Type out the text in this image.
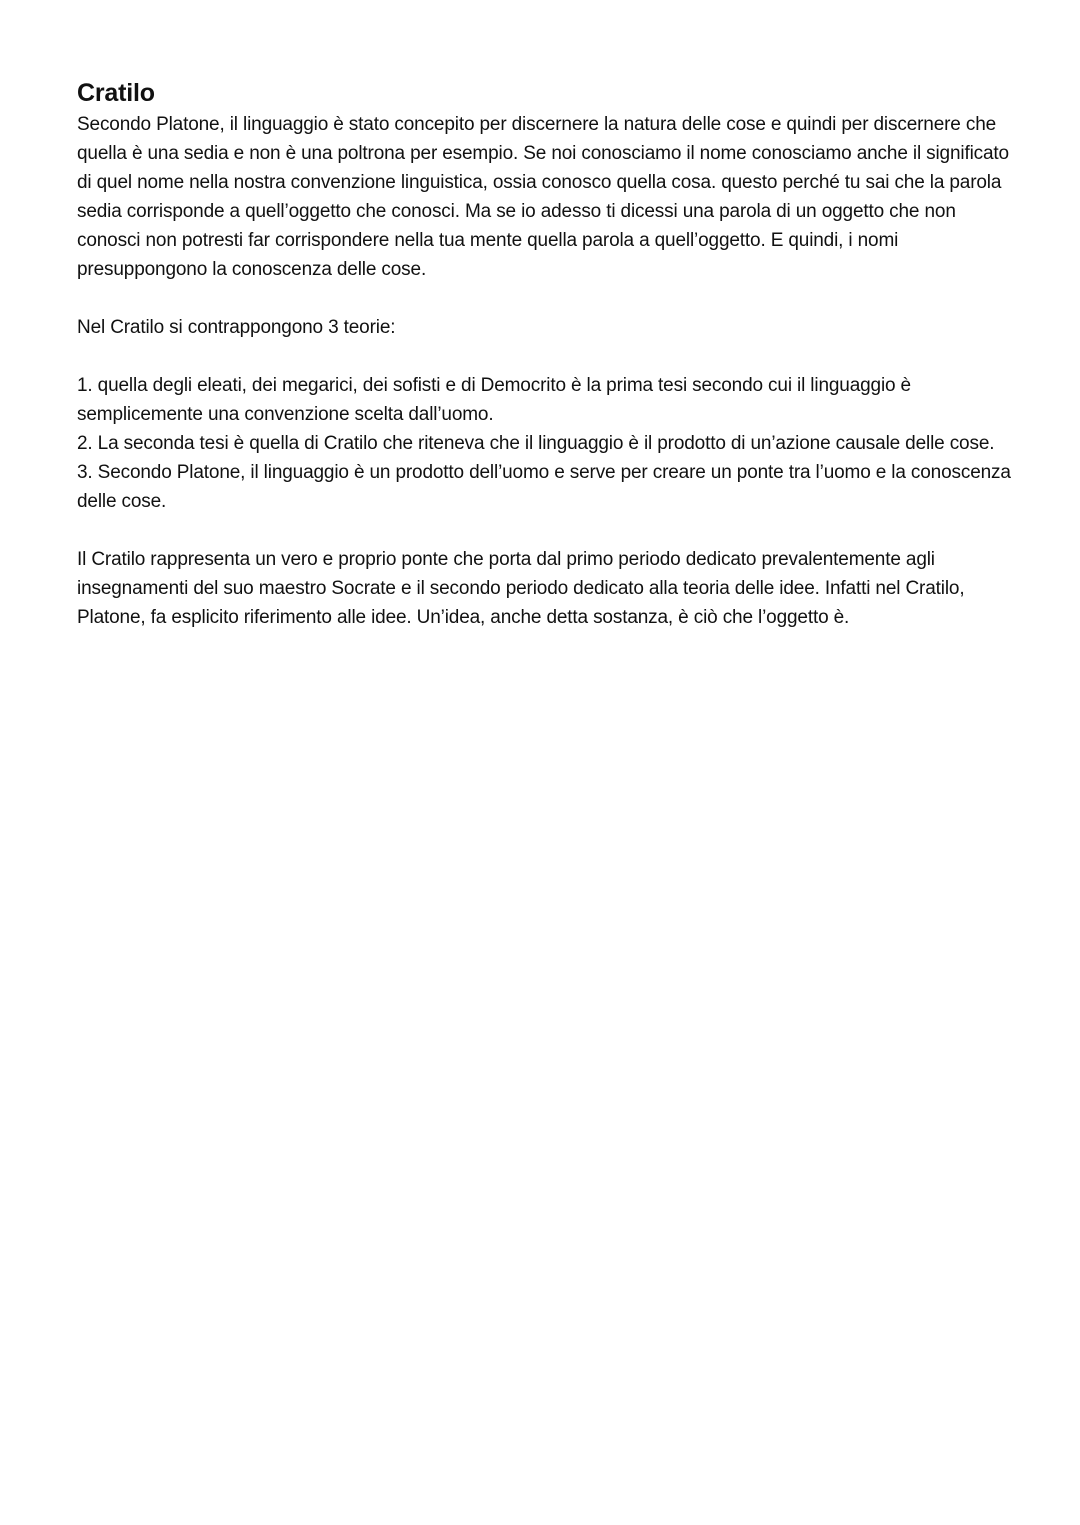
Cratilo

Secondo Platone, il linguaggio è stato concepito per discernere la natura delle cose e quindi per discernere che quella è una sedia e non è una poltrona per esempio. Se noi conosciamo il nome conosciamo anche il significato di quel nome nella nostra convenzione linguistica, ossia conosco quella cosa. questo perché tu sai che la parola sedia corrisponde a quell’oggetto che conosci. Ma se io adesso ti dicessi una parola di un oggetto che non conosci non potresti far corrispondere nella tua mente quella parola a quell’oggetto. E quindi, i nomi presuppongono la conoscenza delle cose.

Nel Cratilo si contrappongono 3 teorie:

1. quella degli eleati, dei megarici, dei sofisti e di Democrito è la prima tesi secondo cui il linguaggio è semplicemente una convenzione scelta dall’uomo.

2. La seconda tesi è quella di Cratilo che riteneva che il linguaggio è il prodotto di un’azione causale delle cose.

3. Secondo Platone, il linguaggio è un prodotto dell’uomo e serve per creare un ponte tra l’uomo e la conoscenza delle cose.

Il Cratilo rappresenta un vero e proprio ponte che porta dal primo periodo dedicato prevalentemente agli insegnamenti del suo maestro Socrate e il secondo periodo dedicato alla teoria delle idee. Infatti nel Cratilo, Platone, fa esplicito riferimento alle idee. Un’idea, anche detta sostanza, è ciò che l’oggetto è.
